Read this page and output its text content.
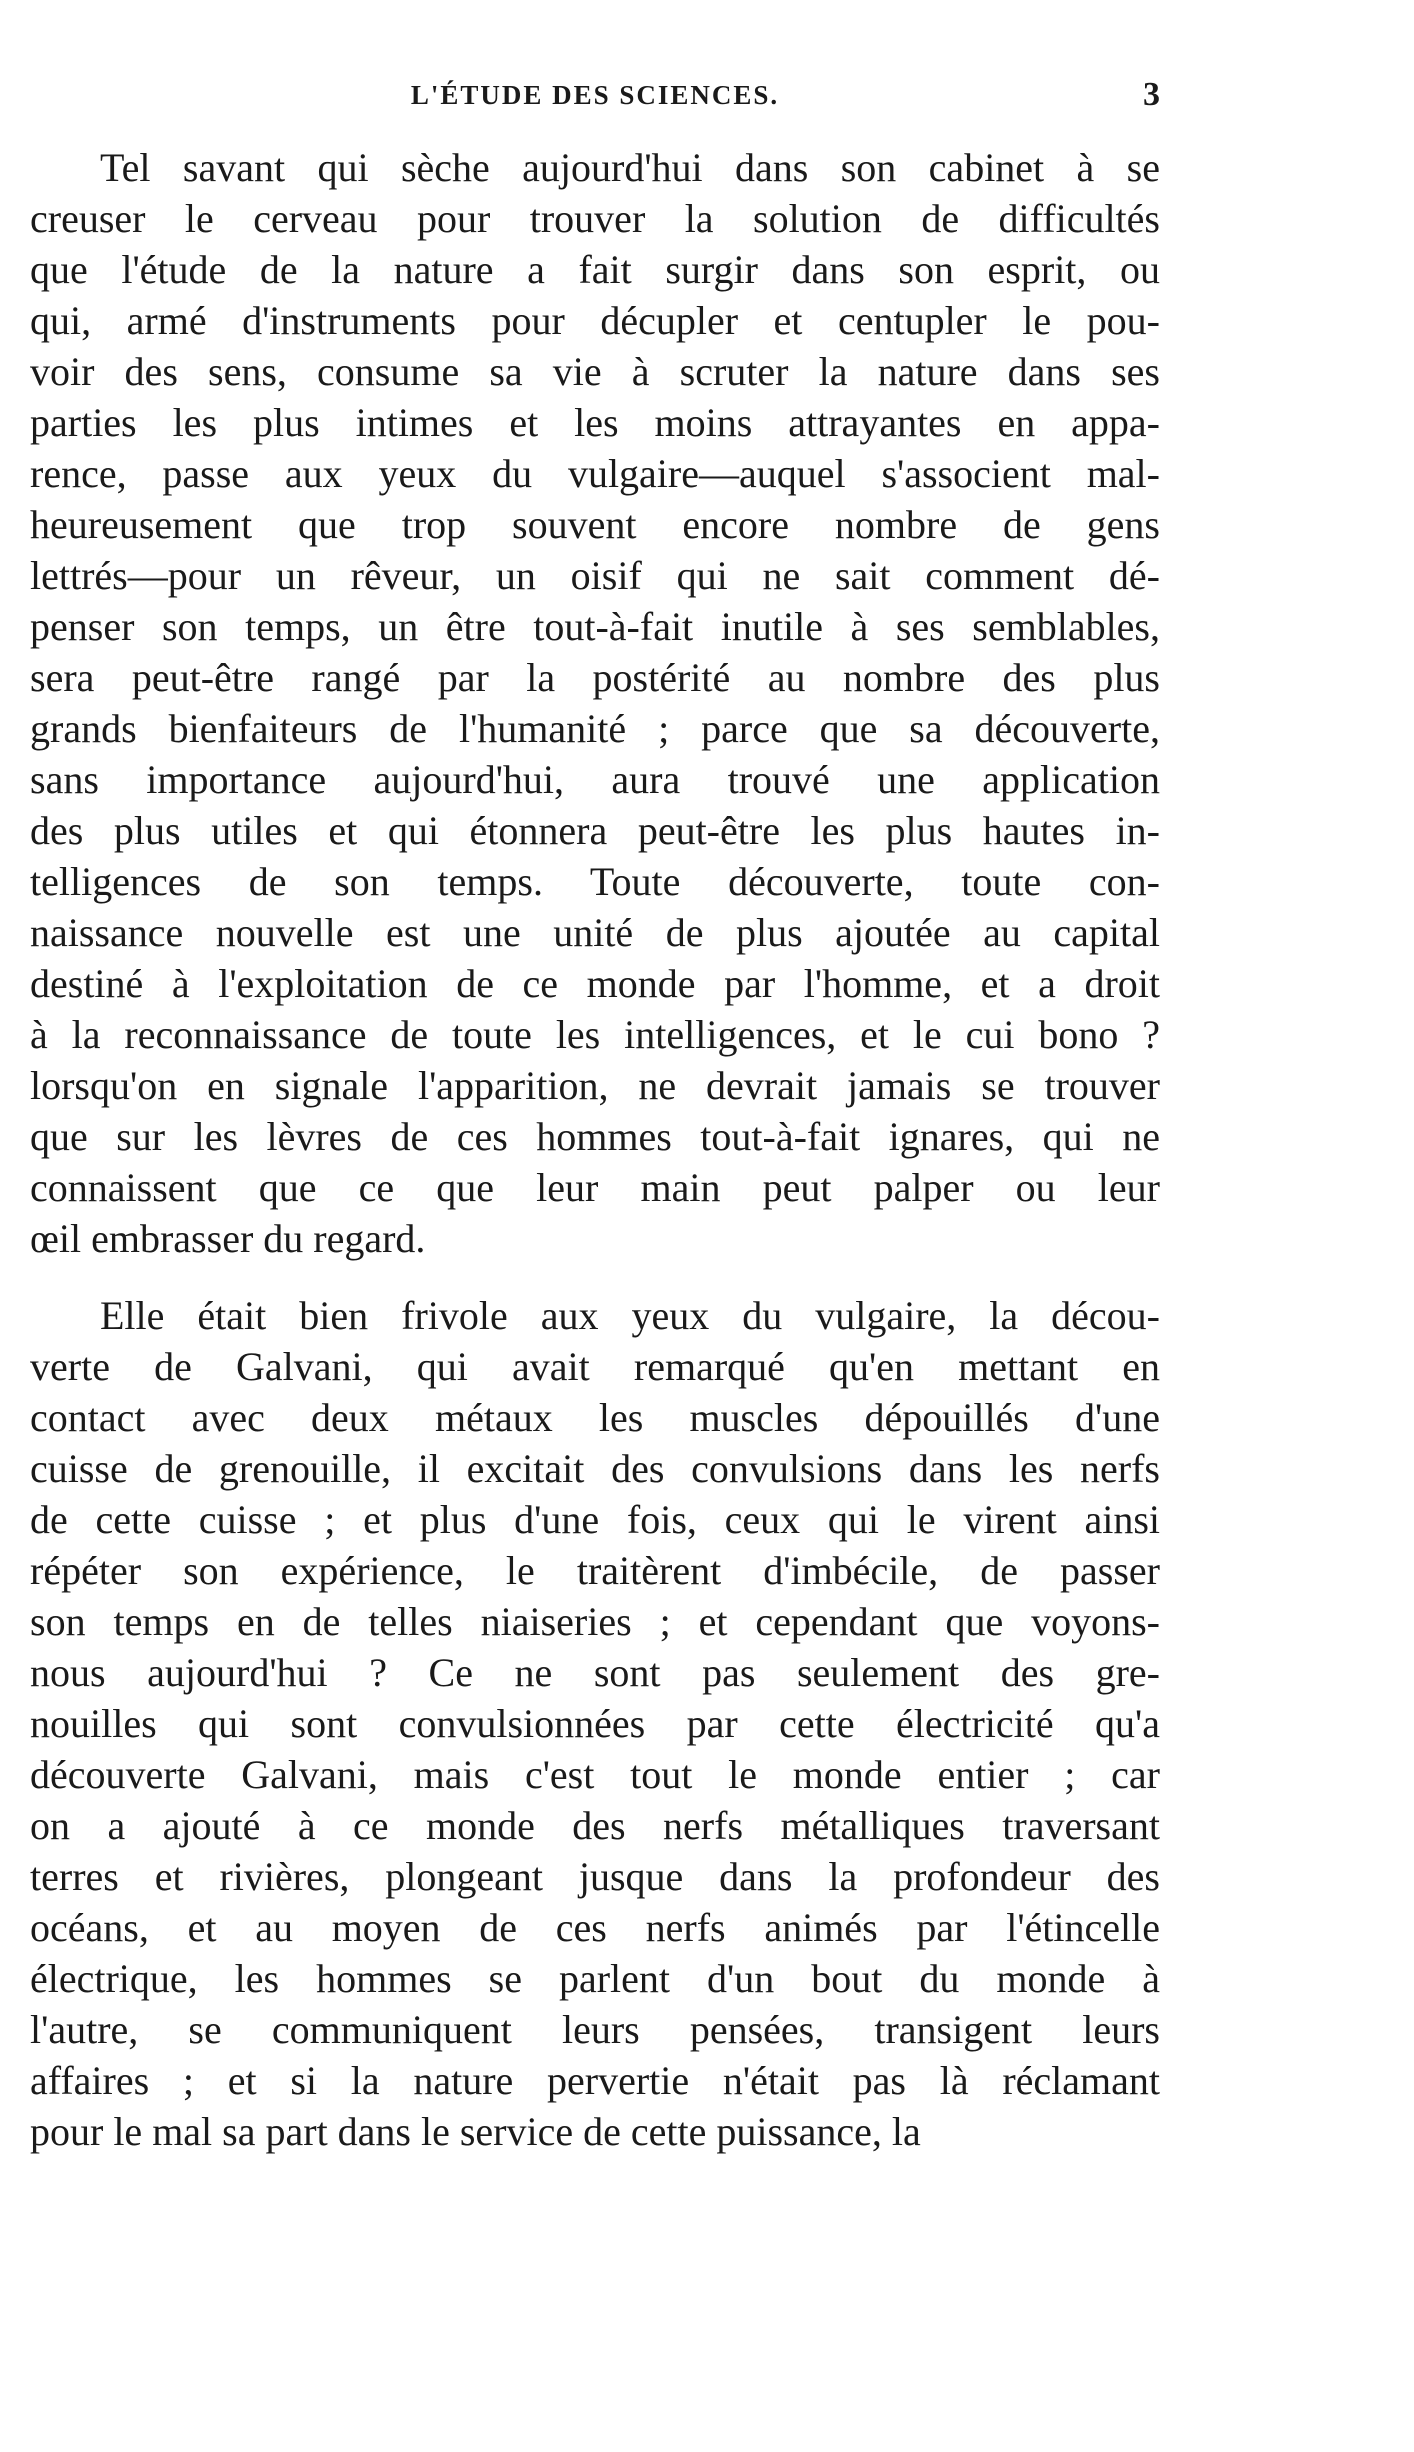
L'ÉTUDE DES SCIENCES.	3
Tel savant qui sèche aujourd'hui dans son cabinet à se
creuser le cerveau pour trouver la solution de difficultés
que l'étude de la nature a fait surgir dans son esprit, ou
qui, armé d'instruments pour décupler et centupler le pou-
voir des sens, consume sa vie à scruter la nature dans ses
parties les plus intimes et les moins attrayantes en appa-
rence, passe aux yeux du vulgaire—auquel s'associent mal-
heureusement que trop souvent encore nombre de gens
lettrés—pour un rêveur, un oisif qui ne sait comment dé-
penser son temps, un être tout-à-fait inutile à ses semblables,
sera peut-être rangé par la postérité au nombre des plus
grands bienfaiteurs de l'humanité ; parce que sa découverte,
sans importance aujourd'hui, aura trouvé une application
des plus utiles et qui étonnera peut-être les plus hautes in-
telligences de son temps. Toute découverte, toute con-
naissance nouvelle est une unité de plus ajoutée au capital
destiné à l'exploitation de ce monde par l'homme, et a droit
à la reconnaissance de toute les intelligences, et le cui bono ?
lorsqu'on en signale l'apparition, ne devrait jamais se trouver
que sur les lèvres de ces hommes tout-à-fait ignares, qui ne
connaissent que ce que leur main peut palper ou leur
œil embrasser du regard.
Elle était bien frivole aux yeux du vulgaire, la décou-
verte de Galvani, qui avait remarqué qu'en mettant en
contact avec deux métaux les muscles dépouillés d'une
cuisse de grenouille, il excitait des convulsions dans les nerfs
de cette cuisse ; et plus d'une fois, ceux qui le virent ainsi
répéter son expérience, le traitèrent d'imbécile, de passer
son temps en de telles niaiseries ; et cependant que voyons-
nous aujourd'hui ? Ce ne sont pas seulement des gre-
nouilles qui sont convulsionnées par cette électricité qu'a
découverte Galvani, mais c'est tout le monde entier ; car
on a ajouté à ce monde des nerfs métalliques traversant
terres et rivières, plongeant jusque dans la profondeur des
océans, et au moyen de ces nerfs animés par l'étincelle
électrique, les hommes se parlent d'un bout du monde à
l'autre, se communiquent leurs pensées, transigent leurs
affaires ; et si la nature pervertie n'était pas là réclamant
pour le mal sa part dans le service de cette puissance, la
